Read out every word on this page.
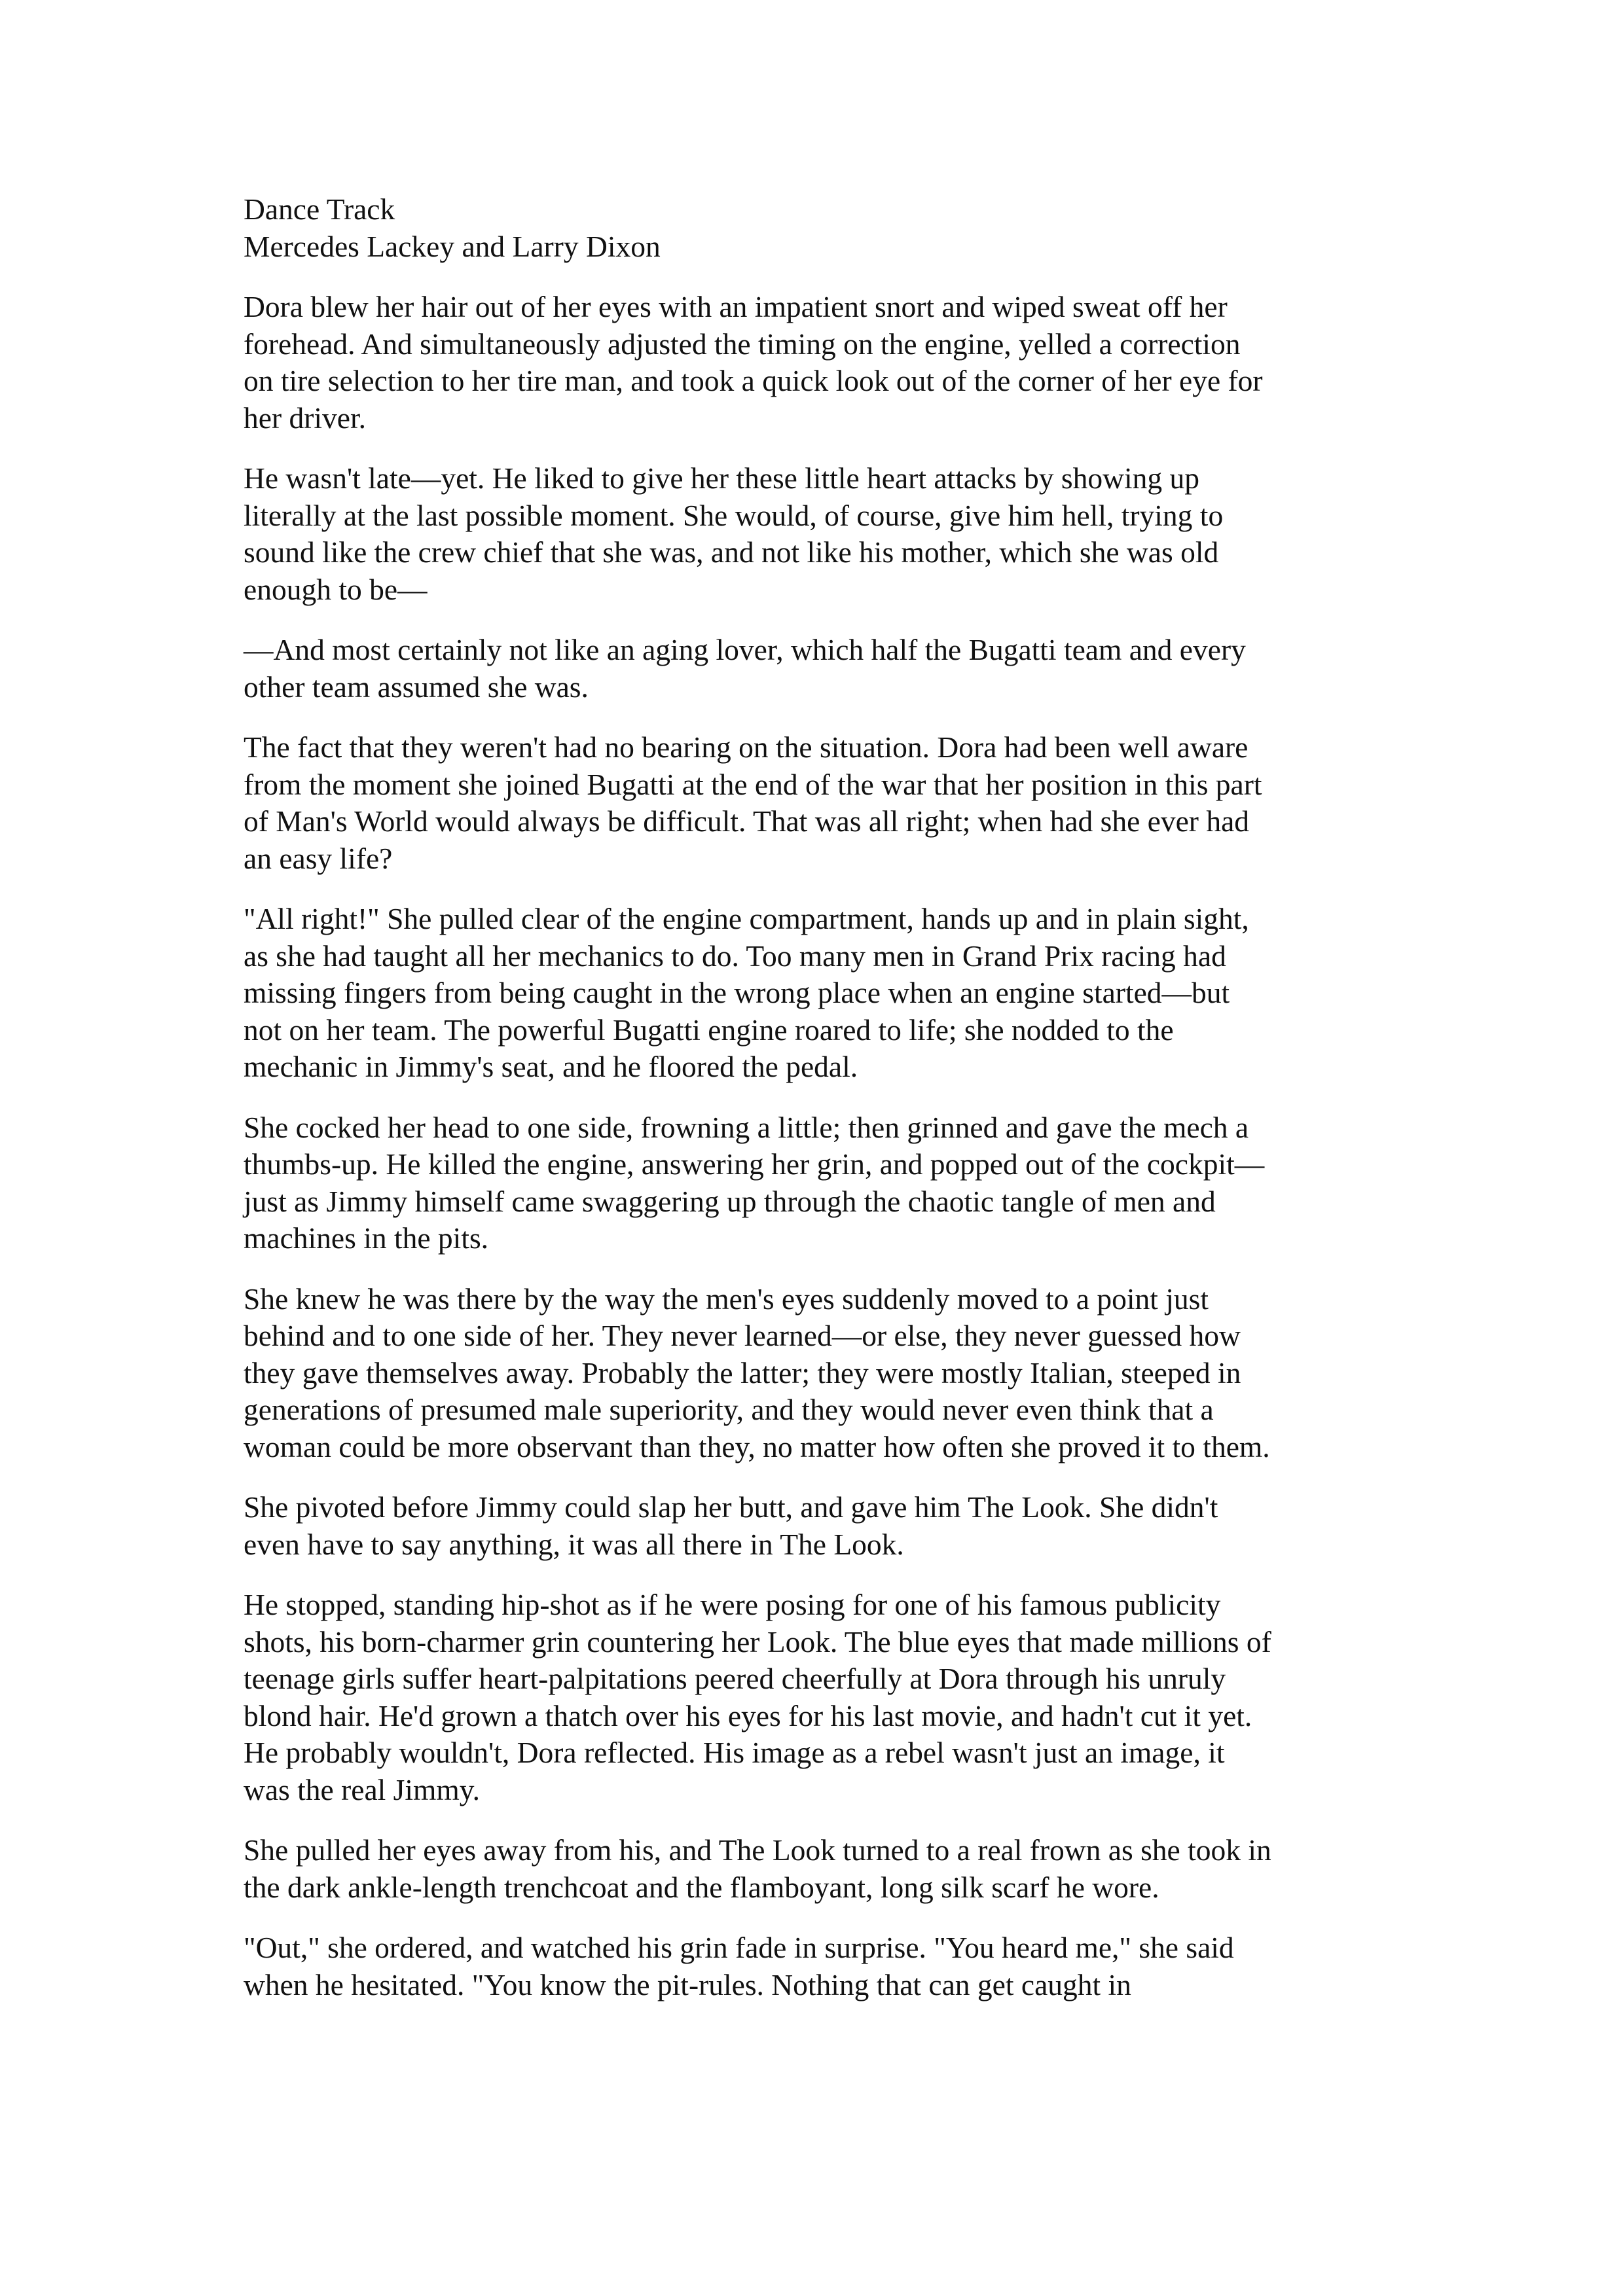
Dance Track

Mercedes Lackey and Larry Dixon

Dora blew her hair out of her eyes with an impatient snort and wiped sweat off her
forehead. And simultaneously adjusted the timing on the engine, yelled a correction
on tire selection to her tire man, and took a quick look out of the corner of her eye for
her driver.

He wasn't late—yet. He liked to give her these little heart attacks by showing up
literally at the last possible moment. She would, of course, give him hell, trying to
sound like the crew chief that she was, and not like his mother, which she was old
enough to be—

—And most certainly not like an aging lover, which half the Bugatti team and every
other team assumed she was.

The fact that they weren't had no bearing on the situation. Dora had been well aware
from the moment she joined Bugatti at the end of the war that her position in this part
of Man's World would always be difficult. That was all right; when had she ever had
an easy life?

"All right!" She pulled clear of the engine compartment, hands up and in plain sight,
as she had taught all her mechanics to do. Too many men in Grand Prix racing had
missing fingers from being caught in the wrong place when an engine started—but
not on her team. The powerful Bugatti engine roared to life; she nodded to the
mechanic in Jimmy's seat, and he floored the pedal.

She cocked her head to one side, frowning a little; then grinned and gave the mech a
thumbs-up. He killed the engine, answering her grin, and popped out of the cockpit—
just as Jimmy himself came swaggering up through the chaotic tangle of men and
machines in the pits.

She knew he was there by the way the men's eyes suddenly moved to a point just
behind and to one side of her. They never learned—or else, they never guessed how
they gave themselves away. Probably the latter; they were mostly Italian, steeped in
generations of presumed male superiority, and they would never even think that a
woman could be more observant than they, no matter how often she proved it to them.

She pivoted before Jimmy could slap her butt, and gave him The Look. She didn't
even have to say anything, it was all there in The Look.

He stopped, standing hip-shot as if he were posing for one of his famous publicity
shots, his born-charmer grin countering her Look. The blue eyes that made millions of
teenage girls suffer heart-palpitations peered cheerfully at Dora through his unruly
blond hair. He'd grown a thatch over his eyes for his last movie, and hadn't cut it yet.
He probably wouldn't, Dora reflected. His image as a rebel wasn't just an image, it
was the real Jimmy.

She pulled her eyes away from his, and The Look turned to a real frown as she took in
the dark ankle-length trenchcoat and the flamboyant, long silk scarf he wore.

"Out," she ordered, and watched his grin fade in surprise. "You heard me," she said
when he hesitated. "You know the pit-rules. Nothing that can get caught in
